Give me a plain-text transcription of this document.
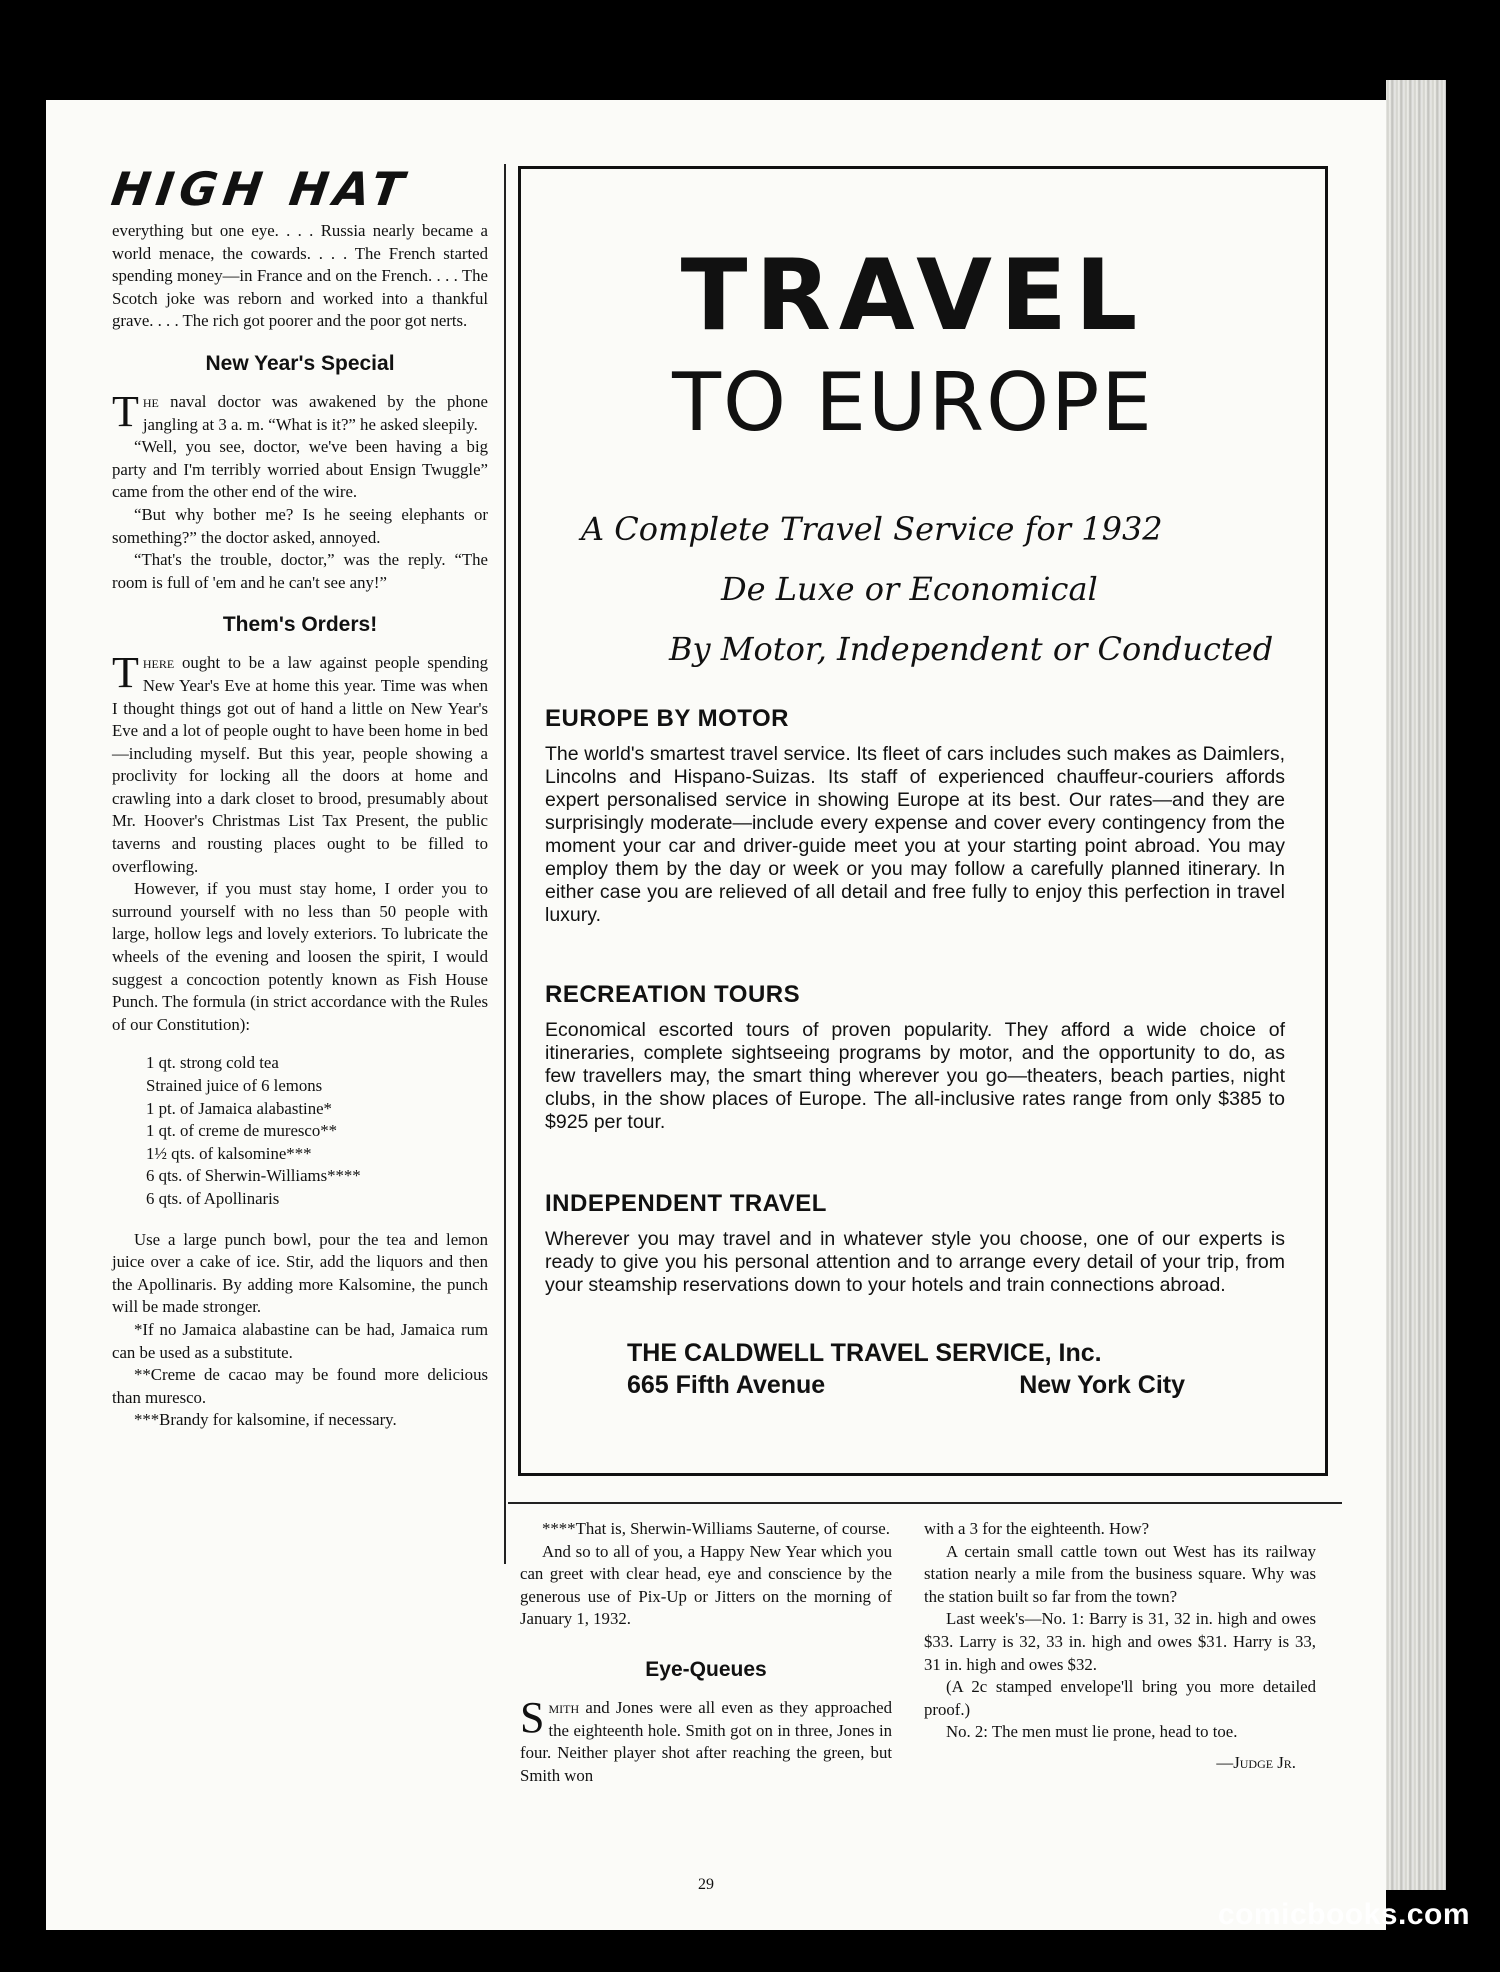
HIGH HAT

everything but one eye. . . . Russia nearly became a world menace, the cowards. . . . The French started spending money—in France and on the French. . . . The Scotch joke was reborn and worked into a thankful grave. . . . The rich got poorer and the poor got nerts.

New Year's Special

The naval doctor was awakened by the phone jangling at 3 a. m. “What is it?” he asked sleepily.

“Well, you see, doctor, we've been having a big party and I'm terribly worried about Ensign Twuggle” came from the other end of the wire.

“But why bother me? Is he seeing elephants or something?” the doctor asked, annoyed.

“That's the trouble, doctor,” was the reply. “The room is full of 'em and he can't see any!”

Them's Orders!

There ought to be a law against people spending New Year's Eve at home this year. Time was when I thought things got out of hand a little on New Year's Eve and a lot of people ought to have been home in bed—including myself. But this year, people showing a proclivity for locking all the doors at home and crawling into a dark closet to brood, presumably about Mr. Hoover's Christmas List Tax Present, the public taverns and rousting places ought to be filled to overflowing.

However, if you must stay home, I order you to surround yourself with no less than 50 people with large, hollow legs and lovely exteriors. To lubricate the wheels of the evening and loosen the spirit, I would suggest a concoction potently known as Fish House Punch. The formula (in strict accordance with the Rules of our Constitution):

1 qt. strong cold tea
Strained juice of 6 lemons
1 pt. of Jamaica alabastine*
1 qt. of creme de muresco**
1½ qts. of kalsomine***
6 qts. of Sherwin-Williams****
6 qts. of Apollinaris

Use a large punch bowl, pour the tea and lemon juice over a cake of ice. Stir, add the liquors and then the Apollinaris. By adding more Kalsomine, the punch will be made stronger.

*If no Jamaica alabastine can be had, Jamaica rum can be used as a substitute.

**Creme de cacao may be found more delicious than muresco.

***Brandy for kalsomine, if necessary.

TRAVEL
TO EUROPE
A Complete Travel Service for 1932
De Luxe or Economical
By Motor, Independent or Conducted
EUROPE BY MOTOR

The world's smartest travel service. Its fleet of cars includes such makes as Daimlers, Lincolns and Hispano-Suizas. Its staff of experienced chauffeur-couriers affords expert personalised service in showing Europe at its best. Our rates—and they are surprisingly moderate—include every expense and cover every contingency from the moment your car and driver-guide meet you at your starting point abroad. You may employ them by the day or week or you may follow a carefully planned itinerary. In either case you are relieved of all detail and free fully to enjoy this perfection in travel luxury.

RECREATION TOURS

Economical escorted tours of proven popularity. They afford a wide choice of itineraries, complete sightseeing programs by motor, and the opportunity to do, as few travellers may, the smart thing wherever you go—theaters, beach parties, night clubs, in the show places of Europe. The all-inclusive rates range from only $385 to $925 per tour.

INDEPENDENT TRAVEL

Wherever you may travel and in whatever style you choose, one of our experts is ready to give you his personal attention and to arrange every detail of your trip, from your steamship reservations down to your hotels and train connections abroad.

THE CALDWELL TRAVEL SERVICE, Inc.
665 Fifth Avenue	New York City

****That is, Sherwin-Williams Sauterne, of course.

And so to all of you, a Happy New Year which you can greet with clear head, eye and conscience by the generous use of Pix-Up or Jitters on the morning of January 1, 1932.

Eye-Queues

Smith and Jones were all even as they approached the eighteenth hole. Smith got on in three, Jones in four. Neither player shot after reaching the green, but Smith won

with a 3 for the eighteenth. How?

A certain small cattle town out West has its railway station nearly a mile from the business square. Why was the station built so far from the town?

Last week's—No. 1: Barry is 31, 32 in. high and owes $33. Larry is 32, 33 in. high and owes $31. Harry is 33, 31 in. high and owes $32.

(A 2c stamped envelope'll bring you more detailed proof.)

No. 2: The men must lie prone, head to toe.

—Judge Jr.

29
comicbooks.com
